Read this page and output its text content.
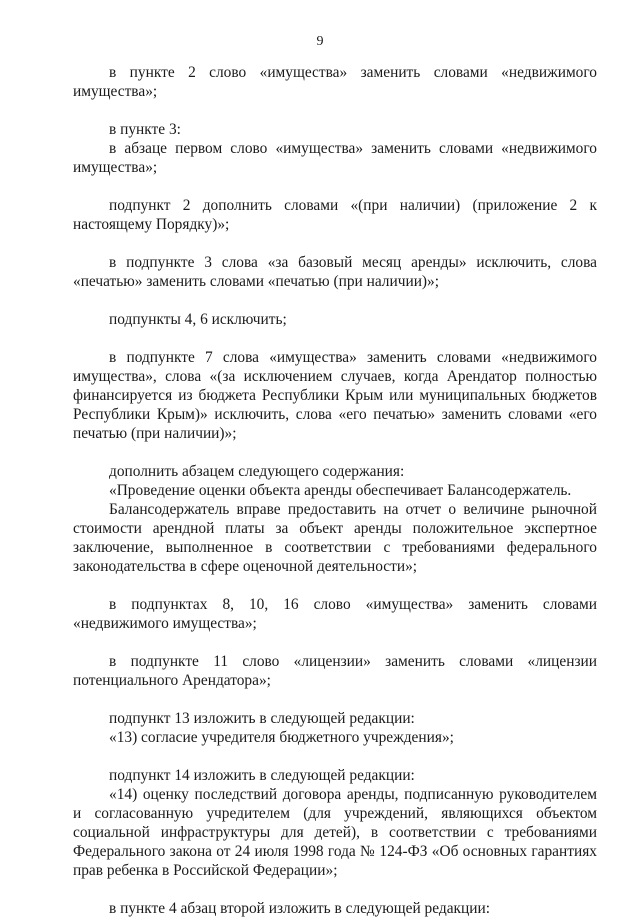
9

в пункте 2 слово «имущества» заменить словами «недвижимого имущества»;

в пункте 3:

в абзаце первом слово «имущества» заменить словами «недвижимого имущества»;

подпункт 2 дополнить словами «(при наличии) (приложение 2 к настоящему Порядку)»;

в подпункте 3 слова «за базовый месяц аренды» исключить, слова «печатью» заменить словами «печатью (при наличии)»;

подпункты 4, 6 исключить;

в подпункте 7 слова «имущества» заменить словами «недвижимого имущества», слова «(за исключением случаев, когда Арендатор полностью финансируется из бюджета Республики Крым или муниципальных бюджетов Республики Крым)» исключить, слова «его печатью» заменить словами «его печатью (при наличии)»;

дополнить абзацем следующего содержания:

«Проведение оценки объекта аренды обеспечивает Балансодержатель.

Балансодержатель вправе предоставить на отчет о величине рыночной стоимости арендной платы за объект аренды положительное экспертное заключение, выполненное в соответствии с требованиями федерального законодательства в сфере оценочной деятельности»;

в подпунктах 8, 10, 16 слово «имущества» заменить словами «недвижимого имущества»;

в подпункте 11 слово «лицензии» заменить словами «лицензии потенциального Арендатора»;

подпункт 13 изложить в следующей редакции:

«13) согласие учредителя бюджетного учреждения»;

подпункт 14 изложить в следующей редакции:

«14) оценку последствий договора аренды, подписанную руководителем и согласованную учредителем (для учреждений, являющихся объектом социальной инфраструктуры для детей), в соответствии с требованиями Федерального закона от 24 июля 1998 года № 124-ФЗ «Об основных гарантиях прав ребенка в Российской Федерации»;

в пункте 4 абзац второй изложить в следующей редакции:
